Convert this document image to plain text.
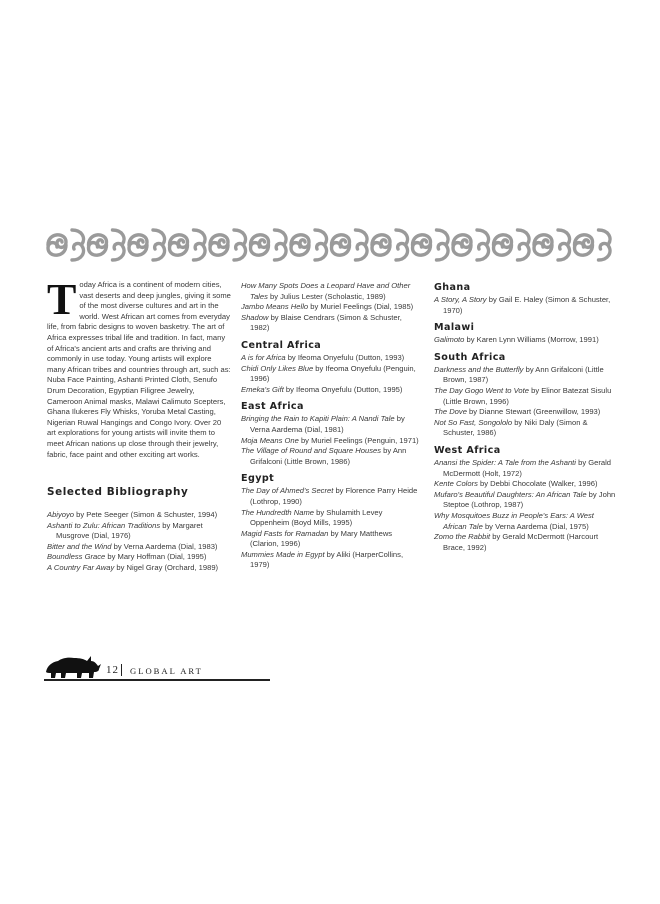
Today Africa is a continent of modern cities, vast deserts and deep jungles, giving it some of the most diverse cultures and art in the world. West African art comes from everyday life, from fabric designs to woven basketry. The art of Africa expresses tribal life and tradition. In fact, many of Africa's ancient arts and crafts are thriving and commonly in use today. Young artists will explore many African tribes and countries through art, such as: Nuba Face Painting, Ashanti Printed Cloth, Senufo Drum Decoration, Egyptian Filigree Jewelry, Cameroon Animal masks, Malawi Calimuto Scepters, Ghana Ilukeres Fly Whisks, Yoruba Metal Casting, Nigerian Ruwal Hangings and Congo Ivory. Over 20 art explorations for young artists will invite them to meet African nations up close through their jewelry, fabric, face paint and other exciting art works.

Selected Bibliography
Abiyoyo by Pete Seeger (Simon & Schuster, 1994)
Ashanti to Zulu: African Traditions by Margaret Musgrove (Dial, 1976)
Bitter and the Wind by Verna Aardema (Dial, 1983)
Boundless Grace by Mary Hoffman (Dial, 1995)
A Country Far Away by Nigel Gray (Orchard, 1989)
How Many Spots Does a Leopard Have and Other Tales by Julius Lester (Scholastic, 1989)
Jambo Means Hello by Muriel Feelings (Dial, 1985)
Shadow by Blaise Cendrars (Simon & Schuster, 1982)
Central Africa
A is for Africa by Ifeoma Onyefulu (Dutton, 1993)
Chidi Only Likes Blue by Ifeoma Onyefulu (Penguin, 1996)
Emeka's Gift by Ifeoma Onyefulu (Dutton, 1995)
East Africa
Bringing the Rain to Kapiti Plain: A Nandi Tale by Verna Aardema (Dial, 1981)
Moja Means One by Muriel Feelings (Penguin, 1971)
The Village of Round and Square Houses by Ann Grifalconi (Little Brown, 1986)
Egypt
The Day of Ahmed's Secret by Florence Parry Heide (Lothrop, 1990)
The Hundredth Name by Shulamith Levey Oppenheim (Boyd Mills, 1995)
Magid Fasts for Ramadan by Mary Matthews (Clarion, 1996)
Mummies Made in Egypt by Aliki (HarperCollins, 1979)
Ghana
A Story, A Story by Gail E. Haley (Simon & Schuster, 1970)
Malawi
Galimoto by Karen Lynn Williams (Morrow, 1991)
South Africa
Darkness and the Butterfly by Ann Grifalconi (Little Brown, 1987)
The Day Gogo Went to Vote by Elinor Batezat Sisulu (Little Brown, 1996)
The Dove by Dianne Stewart (Greenwillow, 1993)
Not So Fast, Songololo by Niki Daly (Simon & Schuster, 1986)
West Africa
Anansi the Spider: A Tale from the Ashanti by Gerald McDermott (Holt, 1972)
Kente Colors by Debbi Chocolate (Walker, 1996)
Mufaro's Beautiful Daughters: An African Tale by John Steptoe (Lothrop, 1987)
Why Mosquitoes Buzz in People's Ears: A West African Tale by Verna Aardema (Dial, 1975)
Zomo the Rabbit by Gerald McDermott (Harcourt Brace, 1992)
12 GLOBAL ART
